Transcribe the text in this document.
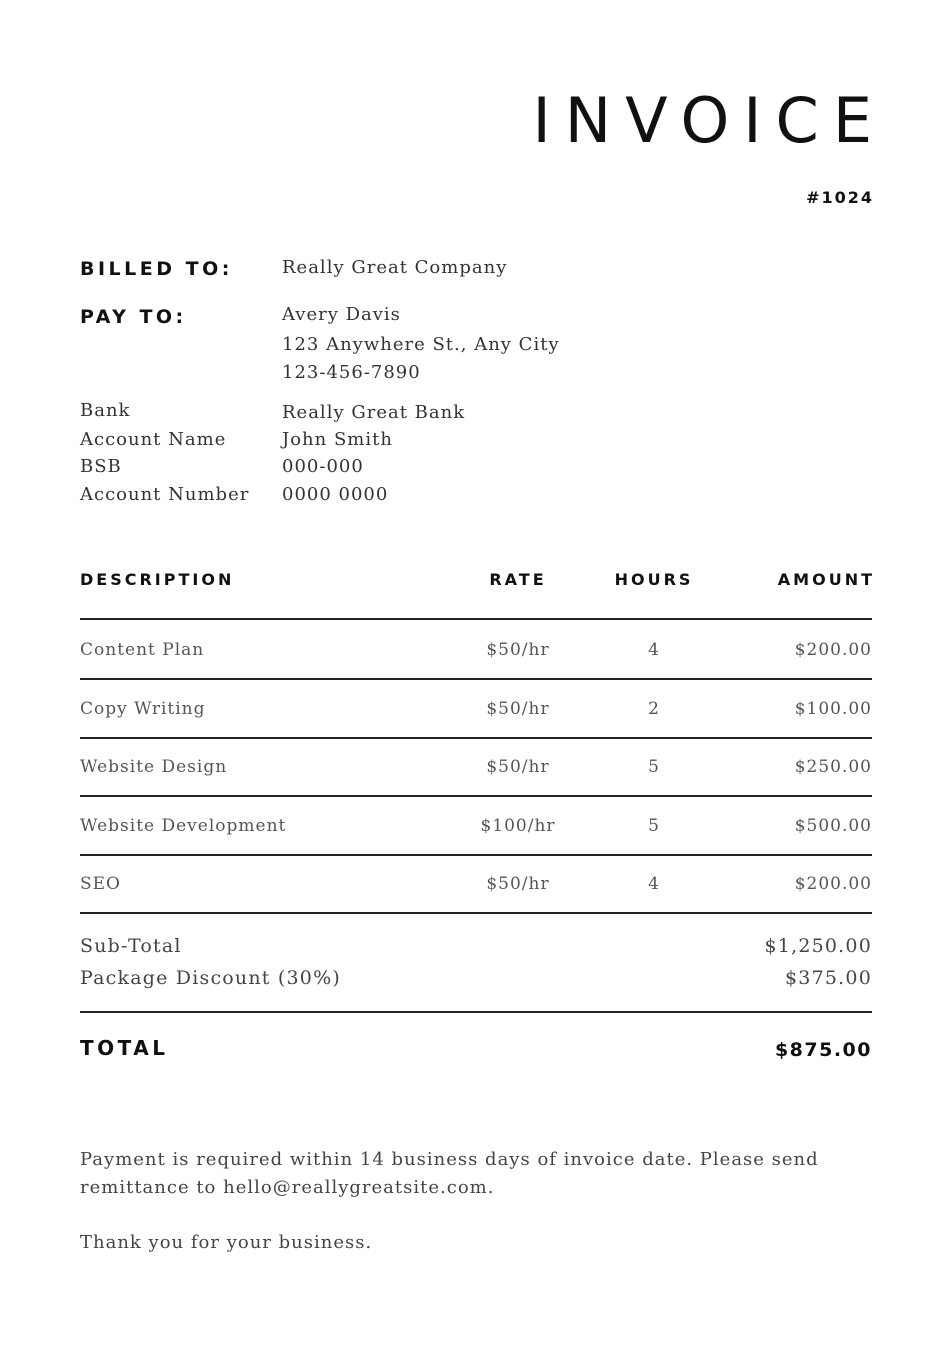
INVOICE
#1024
BILLED TO:	Really Great Company
PAY TO:	Avery Davis
123 Anywhere St., Any City
123-456-7890
Bank	Really Great Bank
Account Name	John Smith
BSB	000-000
Account Number 0000 0000
DESCRIPTION	RATE	HOURS	AMOUNT
Content Plan	$50/hr	4	$200.00
Copy Writing	$50/hr	2	$100.00
Website Design	$50/hr	5	$250.00
Website Development	$100/hr	5	$500.00
SEO	$50/hr	4	$200.00
Sub-Total	$1,250.00
Package Discount (30%)	$375.00
TOTAL	$875.00
Payment is required within 14 business days of invoice date. Please send remittance to hello@reallygreatsite.com.
Thank you for your business.
